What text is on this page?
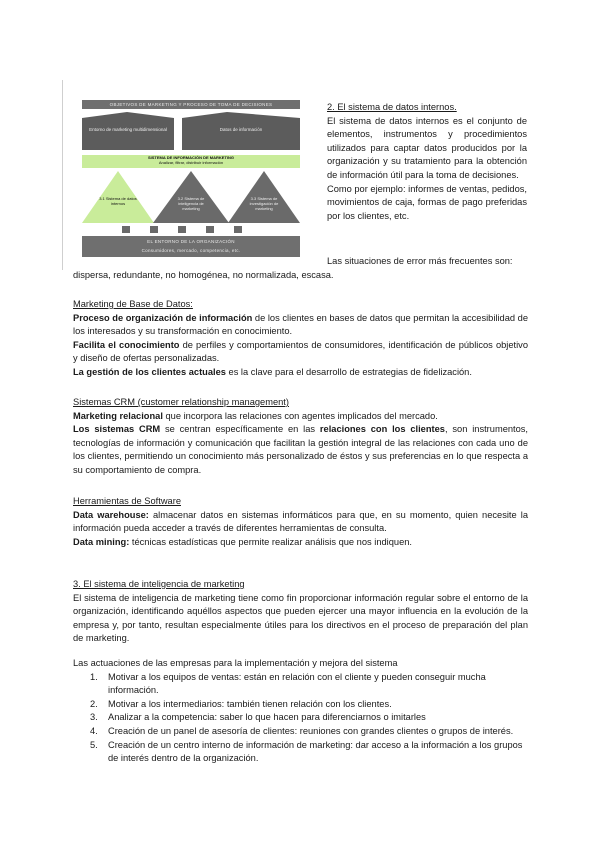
OBJETIVOS DE MARKETING Y PROCESO DE TOMA DE DECISIONES
Entorno de marketing multidimensional	Datos de información
SISTEMA DE INFORMACIÓN DE MARKETING
Analizar, filtrar, distribuir información
3.1 Sistema de datos internos
3.2 Sistema de inteligencia de marketing
3.3 Sistema de investigación de marketing
EL ENTORNO DE LA ORGANIZACIÓN
Consumidores, mercado, competencia, etc.
2. El sistema de datos internos.
El sistema de datos internos es el conjunto de elementos, instrumentos y procedimientos utilizados para captar datos producidos por la organización y su tratamiento para la obtención de información útil para la toma de decisiones.
Como por ejemplo: informes de ventas, pedidos, movimientos de caja, formas de pago preferidas por los clientes, etc.
Las situaciones de error más frecuentes son:
dispersa, redundante, no homogénea, no normalizada, escasa.
Marketing de Base de Datos:
Proceso de organización de información de los clientes en bases de datos que permitan la accesibilidad de los interesados y su transformación en conocimiento.
Facilita el conocimiento de perfiles y comportamientos de consumidores, identificación de públicos objetivo y diseño de ofertas personalizadas.
La gestión de los clientes actuales es la clave para el desarrollo de estrategias de fidelización.
Sistemas CRM (customer relationship management)
Marketing relacional que incorpora las relaciones con agentes implicados del mercado.
Los sistemas CRM se centran específicamente en las relaciones con los clientes, son instrumentos, tecnologías de información y comunicación que facilitan la gestión integral de las relaciones con cada uno de los clientes, permitiendo un conocimiento más personalizado de éstos y sus preferencias en lo que respecta a su comportamiento de compra.
Herramientas de Software
Data warehouse: almacenar datos en sistemas informáticos para que, en su momento, quien necesite la información pueda acceder a través de diferentes herramientas de consulta.
Data mining: técnicas estadísticas que permite realizar análisis que nos indiquen.
3. El sistema de inteligencia de marketing
El sistema de inteligencia de marketing tiene como fin proporcionar información regular sobre el entorno de la organización, identificando aquéllos aspectos que pueden ejercer una mayor influencia en la evolución de la empresa y, por tanto, resultan especialmente útiles para los directivos en el proceso de preparación del plan de marketing.
Las actuaciones de las empresas para la implementación y mejora del sistema
1. Motivar a los equipos de ventas: están en relación con el cliente y pueden conseguir mucha información.
2. Motivar a los intermediarios: también tienen relación con los clientes.
3. Analizar a la competencia: saber lo que hacen para diferenciarnos o imitarles
4. Creación de un panel de asesoría de clientes: reuniones con grandes clientes o grupos de interés.
5. Creación de un centro interno de información de marketing: dar acceso a la información a los grupos de interés dentro de la organización.
